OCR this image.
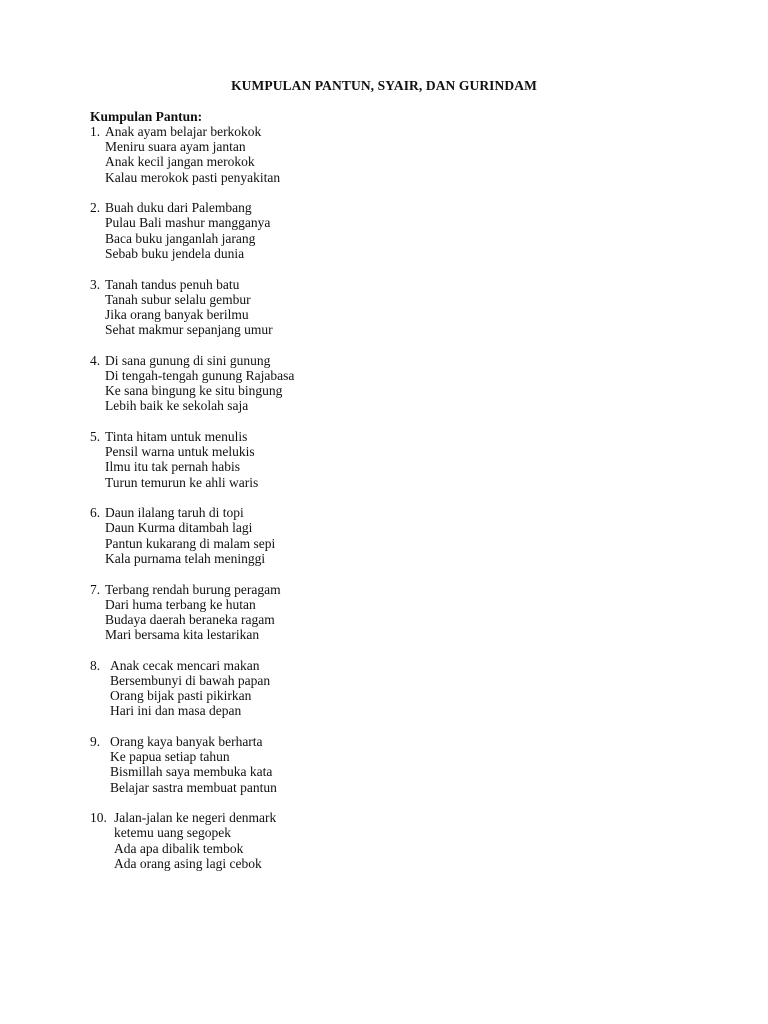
KUMPULAN PANTUN, SYAIR, DAN GURINDAM
Kumpulan Pantun:
1. Anak ayam belajar berkokok
Meniru suara ayam jantan
Anak kecil jangan merokok
Kalau merokok pasti penyakitan
2. Buah duku dari Palembang
Pulau Bali mashur mangganya
Baca buku janganlah jarang
Sebab buku jendela dunia
3. Tanah tandus penuh batu
Tanah subur selalu gembur
Jika orang banyak berilmu
Sehat makmur sepanjang umur
4. Di sana gunung di sini gunung
Di tengah-tengah gunung Rajabasa
Ke sana bingung ke situ bingung
Lebih baik ke sekolah saja
5. Tinta hitam untuk menulis
Pensil warna untuk melukis
Ilmu itu tak pernah habis
Turun temurun ke ahli waris
6. Daun ilalang taruh di topi
Daun Kurma ditambah lagi
Pantun kukarang di malam sepi
Kala purnama telah meninggi
7. Terbang rendah burung peragam
Dari huma terbang ke hutan
Budaya daerah beraneka ragam
Mari bersama kita lestarikan
8. Anak cecak mencari makan
Bersembunyi di bawah papan
Orang bijak pasti pikirkan
Hari ini dan masa depan
9. Orang kaya banyak berharta
Ke papua setiap tahun
Bismillah saya membuka kata
Belajar sastra membuat pantun
10. Jalan-jalan ke negeri denmark
ketemu uang segopek
Ada apa dibalik tembok
Ada orang asing lagi cebok
